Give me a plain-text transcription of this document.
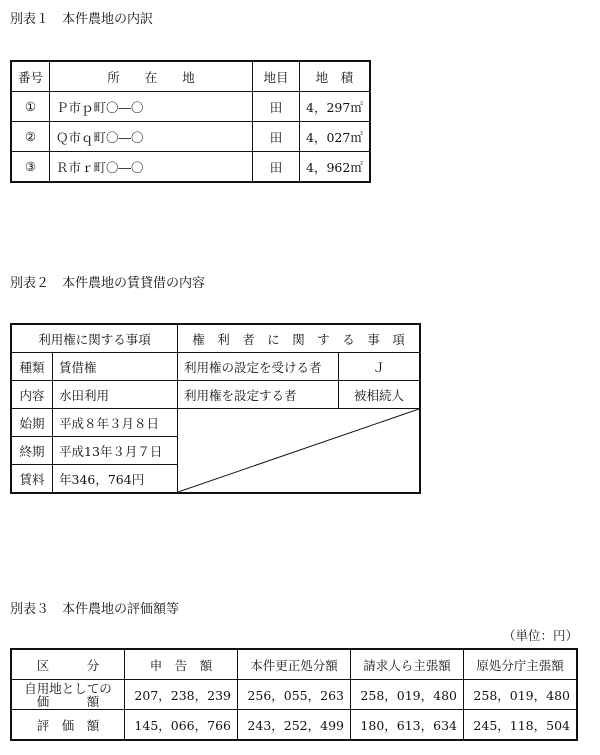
別表１　本件農地の内訳
番号	所　　在　　地	地目	地　積
①	Ｐ市ｐ町〇―〇	田	4，297㎡
②	Ｑ市ｑ町〇―〇	田	4，027㎡
③	Ｒ市ｒ町〇―〇	田	4，962㎡
別表２　本件農地の賃貸借の内容
利用権に関する事項		権　利　者　に　関　す　る　事　項	
種類	賃借権	利用権の設定を受ける者	Ｊ
内容	水田利用	利用権を設定する者	被相続人
始期	平成８年３月８日	

終期	平成13年３月７日		
賃料	年346，764円		
別表３　本件農地の評価額等
（単位：円）
区　　　分	申　告　額	本件更正処分額	請求人ら主張額	原処分庁主張額

自用地としての
価　　　額	207，238，239	256，055，263	258，019，480	258，019，480
評　価　額	145，066，766	243，252，499	180，613，634	245，118，504
